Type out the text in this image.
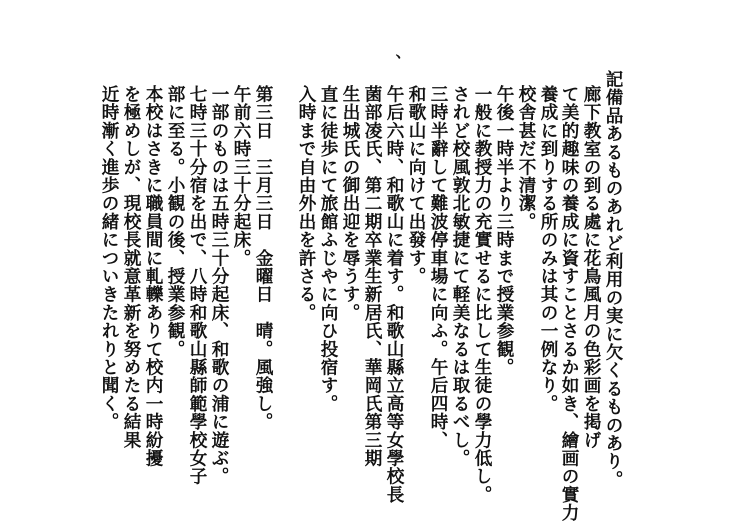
、

記備品あるものあれど利用の実に欠くるものあり。

廊下教室の到る處に花鳥風月の色彩画を掲げ

て美的趣味の養成に資すことさるか如き、繪画の實力

養成に到りする所のみは其の一例なり。

校舎甚だ不清潔。

午後一時半より三時まで授業参観。

一般に教授力の充實せるに比して生徒の學力低し。

されど校風敦北敏捷にて軽美なるは取るべし。

三時半辭して難波停車場に向ふ。午后四時、

和歌山に向けて出發す。

午后六時、和歌山に着す。和歌山縣立高等女學校長

菌部凌氏、第二期卒業生新居氏、華岡氏第三期

生出城氏の御出迎を辱うす。

直に徒歩にて旅館ふじやに向ひ投宿す。

入時まで自由外出を許さる。

第三日　三月三日　金曜日　晴。風強し。

午前六時三十分起床。

一部のものは五時三十分起床、和歌の浦に遊ぶ。

七時三十分宿を出で、八時和歌山縣師範學校女子

部に至る。小観の後、授業参観。

本校はさきに職員間に軋轢ありて校内一時紛擾

を極めしが、現校長就意革新を努めたる結果

近時漸く進歩の緒についきたれりと聞く。
